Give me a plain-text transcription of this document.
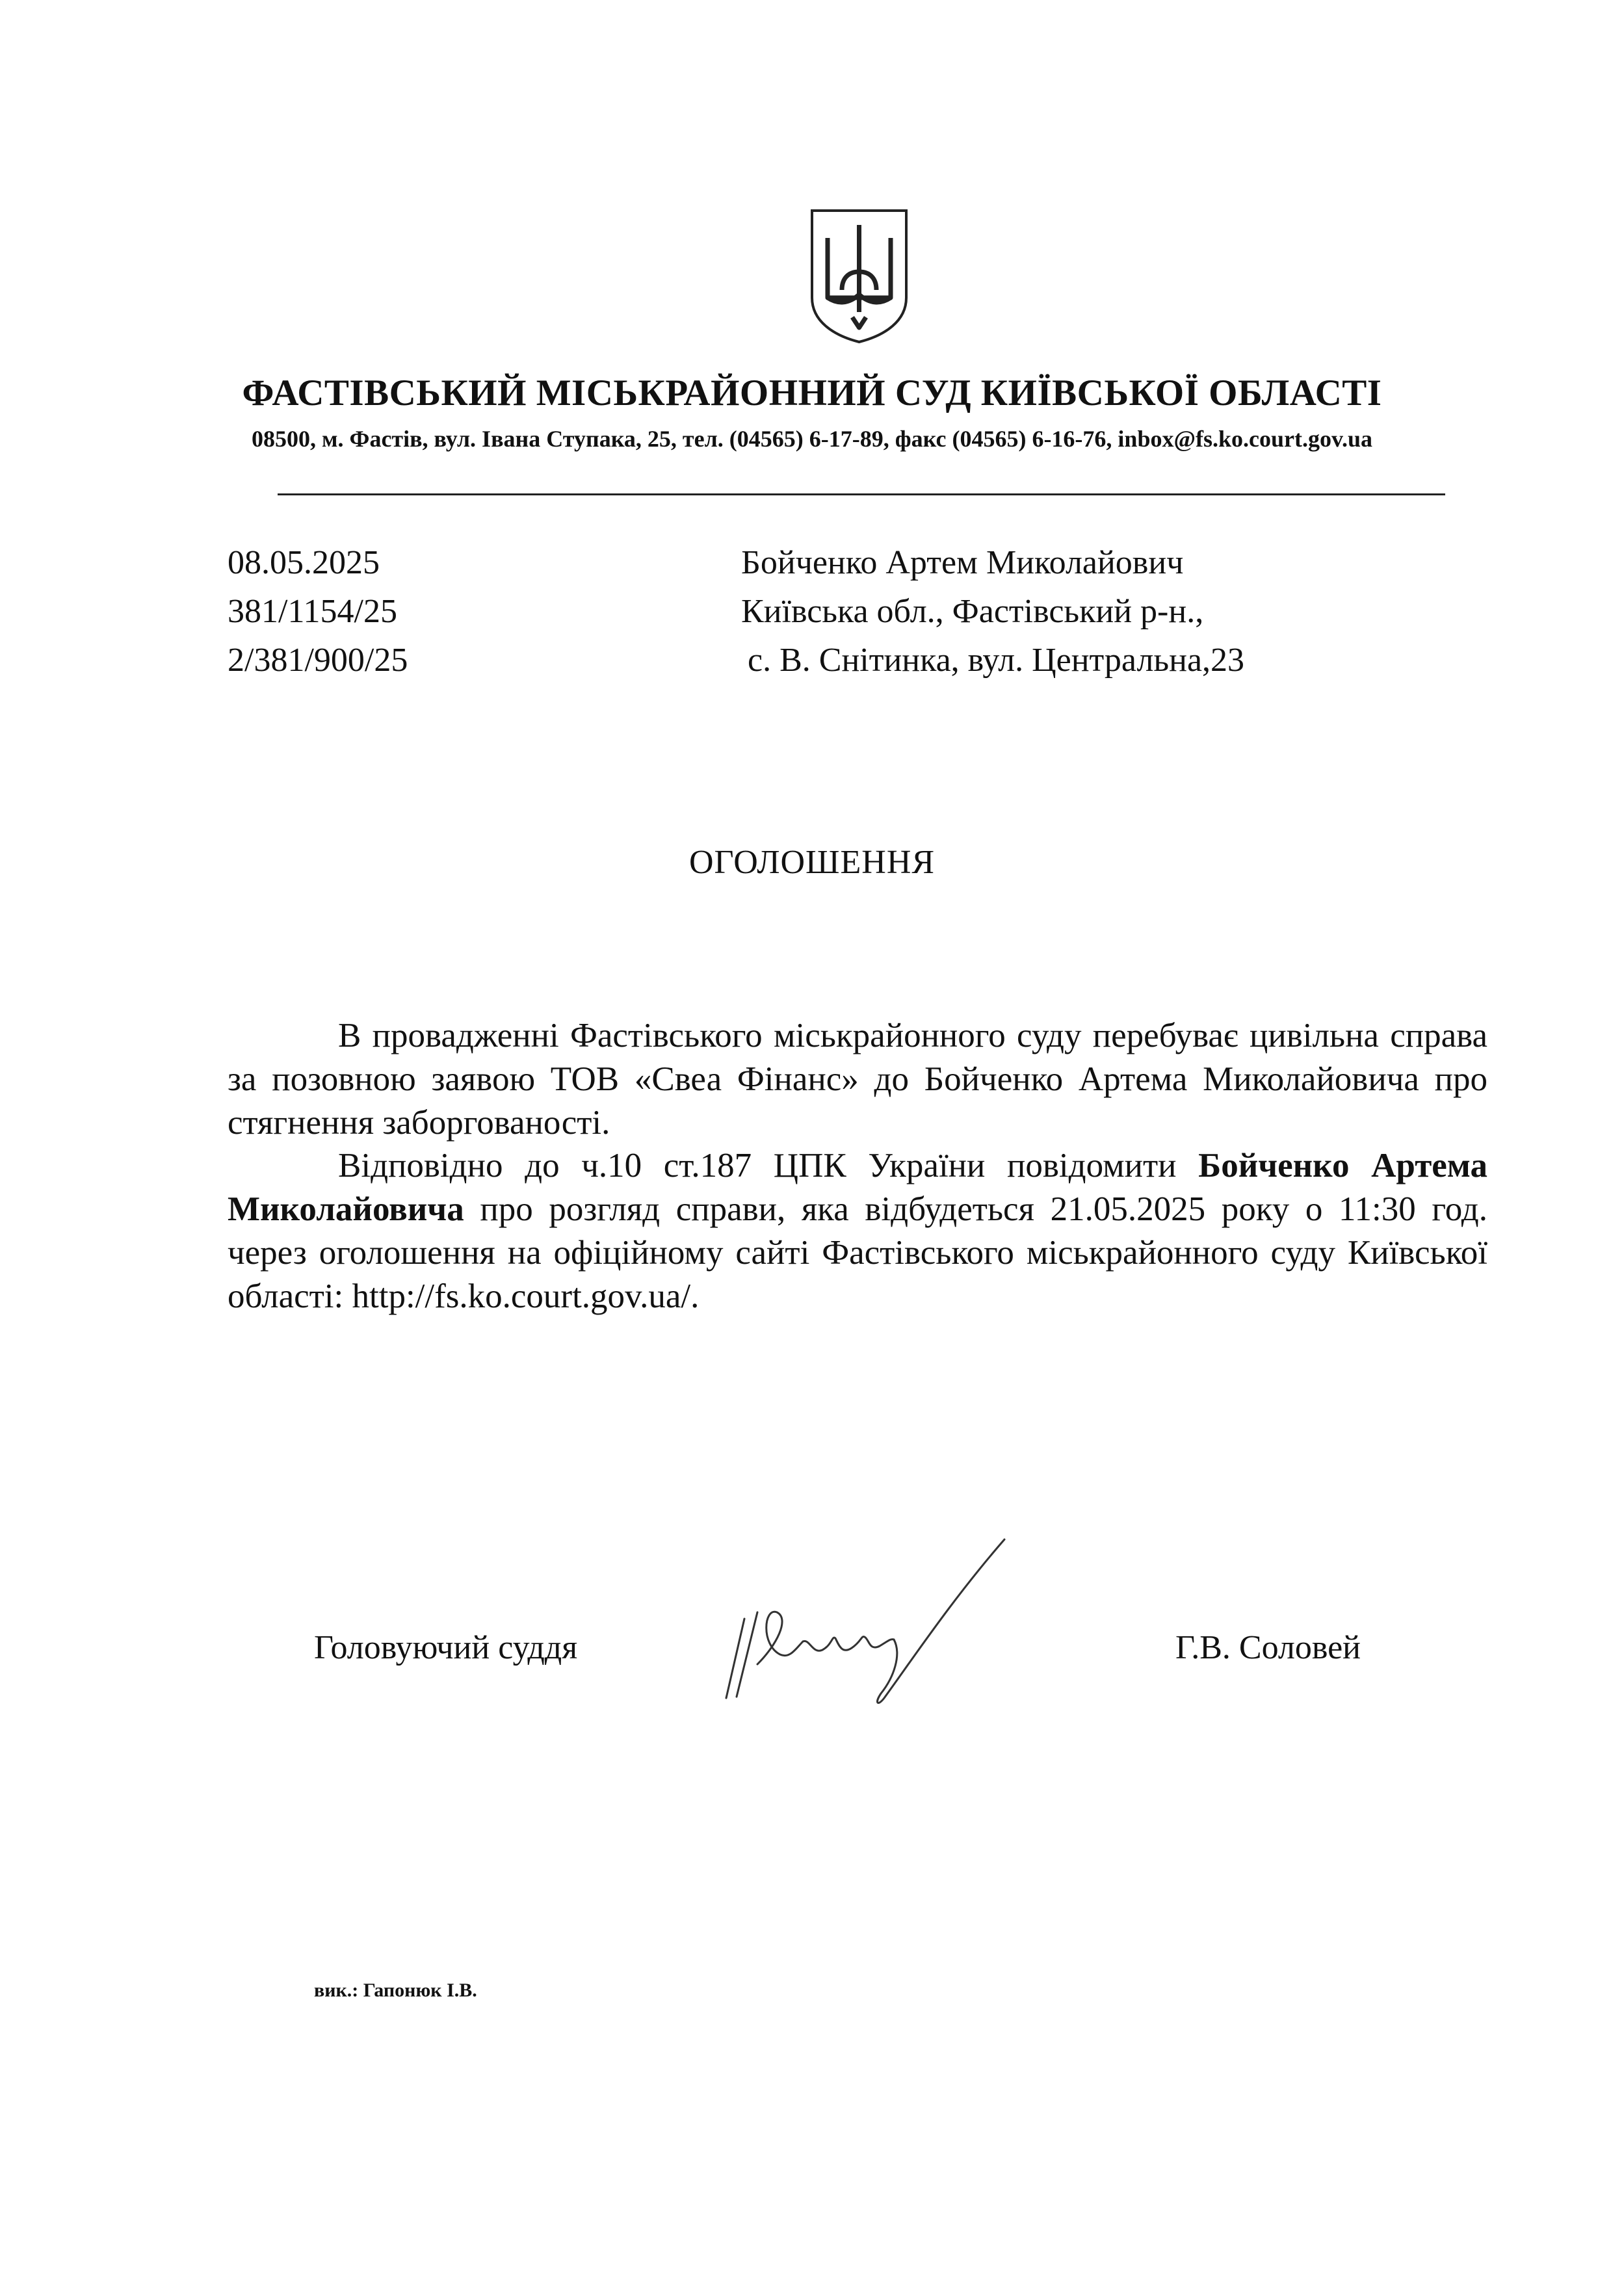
ФАСТІВСЬКИЙ МІСЬКРАЙОННИЙ СУД КИЇВСЬКОЇ ОБЛАСТІ
08500, м. Фастів, вул. Івана Ступака, 25, тел. (04565) 6-17-89, факс (04565) 6-16-76, inbox@fs.ko.court.gov.ua
08.05.2025
381/1154/25
2/381/900/25
Бойченко Артем Миколайович
Київська обл., Фастівський р-н.,
с. В. Снітинка, вул. Центральна,23
ОГОЛОШЕННЯ
В провадженні Фастівського міськрайонного суду перебуває цивільна справа за позовною заявою ТОВ «Свеа Фінанс» до Бойченко Артема Миколайовича про стягнення заборгованості.
Відповідно до ч.10 ст.187 ЦПК України повідомити Бойченко Артема Миколайовича про розгляд справи, яка відбудеться 21.05.2025 року о 11:30 год. через оголошення на офіційному сайті Фастівського міськрайонного суду Київської області: http://fs.ko.court.gov.ua/.
Головуючий суддя	Г.В. Соловей
вик.: Гапонюк І.В.
